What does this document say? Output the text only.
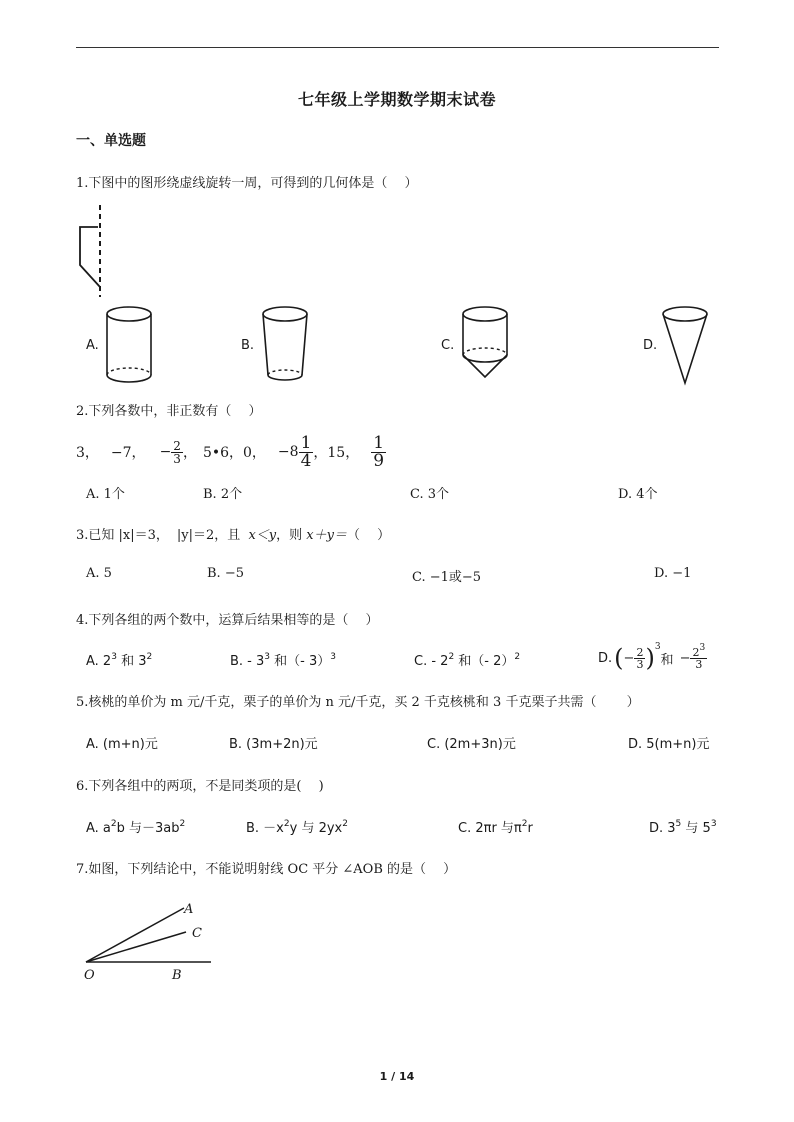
七年级上学期数学期末试卷
一、单选题
1.下图中的图形绕虚线旋转一周，可得到的几何体是（　 ）
A.	B.	C.	D.
2.下列各数中，非正数有（　 ）
3， −7， − $\frac{2}{3}$ ， 5•6，0， $-8 \frac{1}{4}$ ，15， $\frac{1}{9}$
A. 1个	B. 2个	C. 3个	D. 4个
3.已知 |x|＝3， |y|＝2，且 x＜y，则 x＋y＝（　 ）
A. 5	B. −5	C. −1或−5	D. −1
4.下列各组的两个数中，运算后结果相等的是（　 ）
A. $2^3$ 和 $3^2$	B. - $3^3$ 和（- 3）$^3$	C. - $2^2$ 和（- 2）$^2$	D. ( − $\frac{2}{3}$ ) 3
和 − $\frac{2^3}{3}$
5.核桃的单价为 m 元/千克，栗子的单价为 n 元/千克，买 2 千克核桃和 3 千克栗子共需（　　 ）
A. (m+n)元	B. (3m+2n)元	C. (2m+3n)元	D. 5(m+n)元
6.下列各组中的两项，不是同类项的是(　 )
A. $a^2b$ 与$-3ab^2$	B. $-x^2y$ 与 $2yx^2$	C. 2πr 与$\pi^2r$	D. $3^5$ 与 $5^3$
7.如图，下列结论中，不能说明射线 OC 平分 ∠AOB 的是（　 ）
A
C
O	B
1 / 14
